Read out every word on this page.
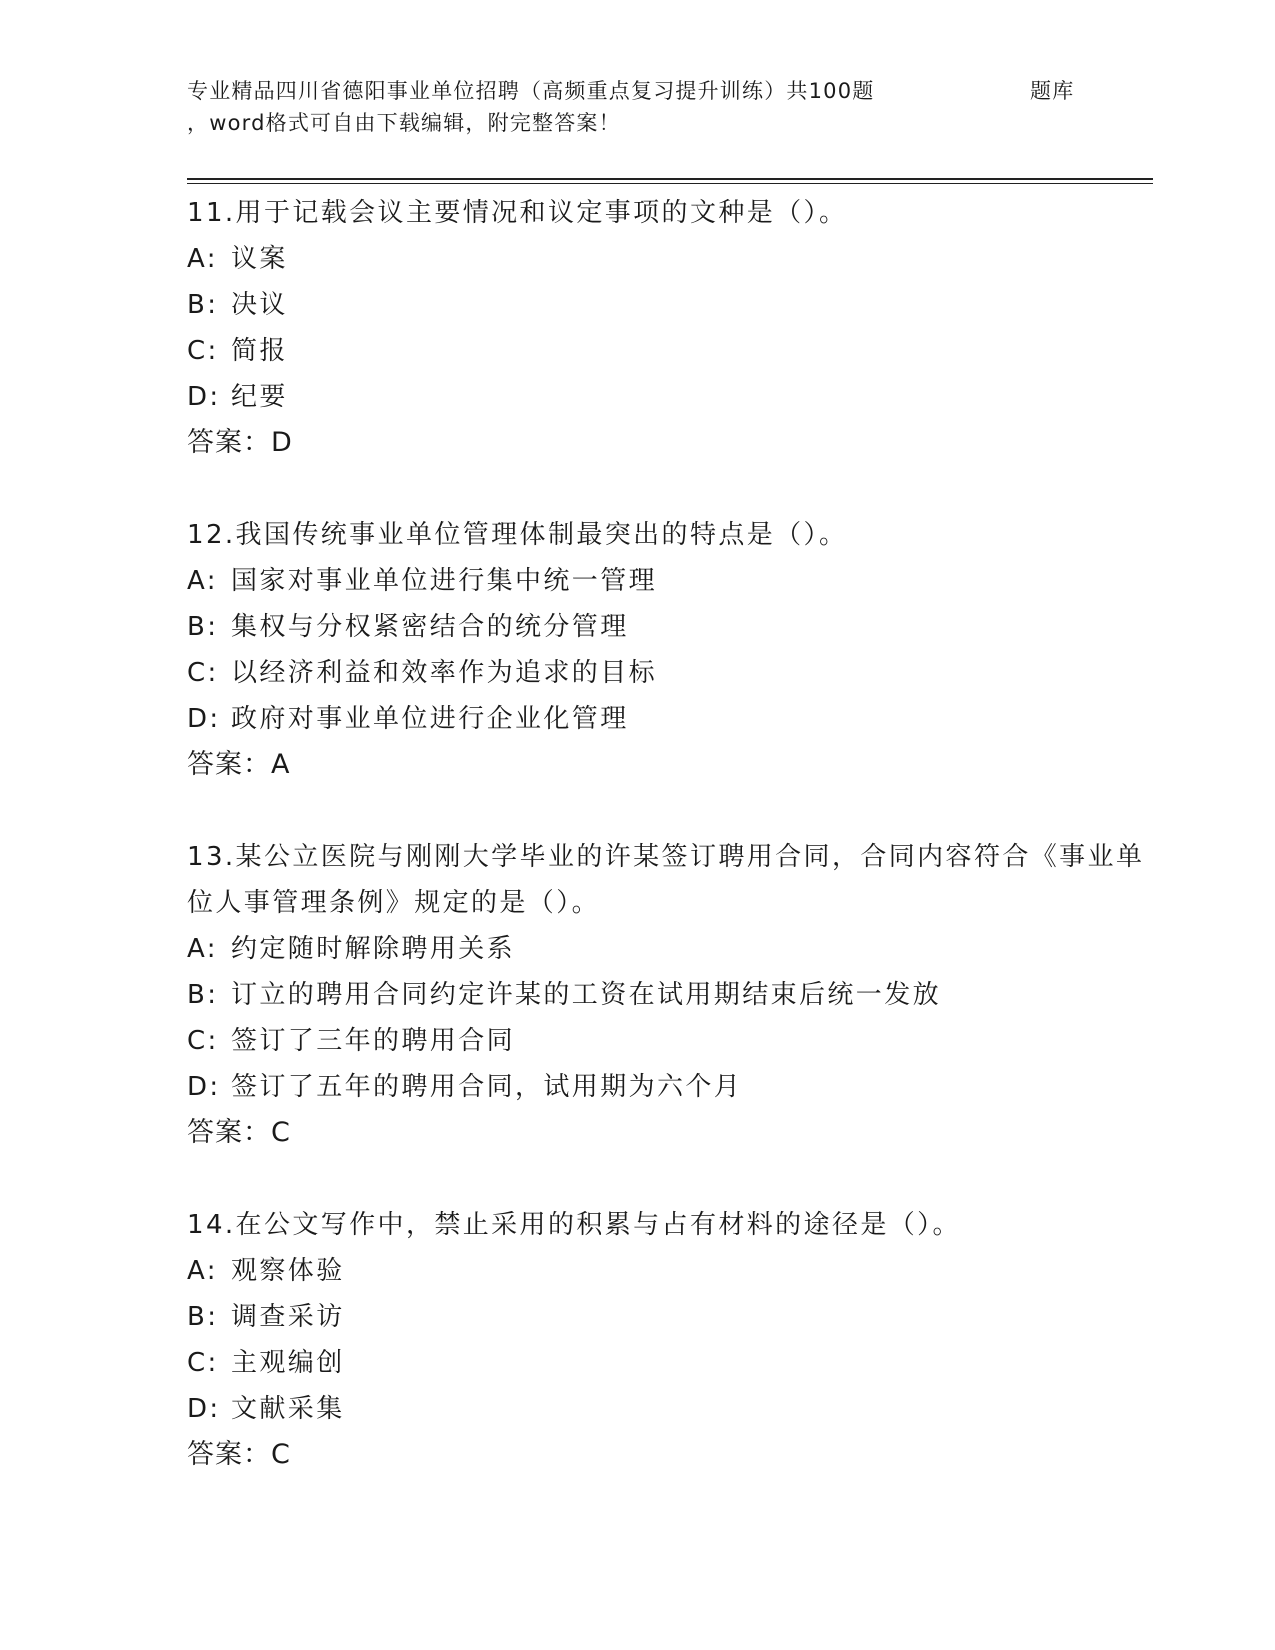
专业精品四川省德阳事业单位招聘（高频重点复习提升训练）共100题	题库
，word格式可自由下载编辑，附完整答案！

11.用于记载会议主要情况和议定事项的文种是（）。

A: 议案

B: 决议

C: 简报

D: 纪要

答案：D

12.我国传统事业单位管理体制最突出的特点是（）。

A: 国家对事业单位进行集中统一管理

B: 集权与分权紧密结合的统分管理

C: 以经济利益和效率作为追求的目标

D: 政府对事业单位进行企业化管理

答案：A

13.某公立医院与刚刚大学毕业的许某签订聘用合同，合同内容符合《事业单位人事管理条例》规定的是（）。

A: 约定随时解除聘用关系

B: 订立的聘用合同约定许某的工资在试用期结束后统一发放

C: 签订了三年的聘用合同

D: 签订了五年的聘用合同，试用期为六个月

答案：C

14.在公文写作中，禁止采用的积累与占有材料的途径是（）。

A: 观察体验

B: 调查采访

C: 主观编创

D: 文献采集

答案：C
